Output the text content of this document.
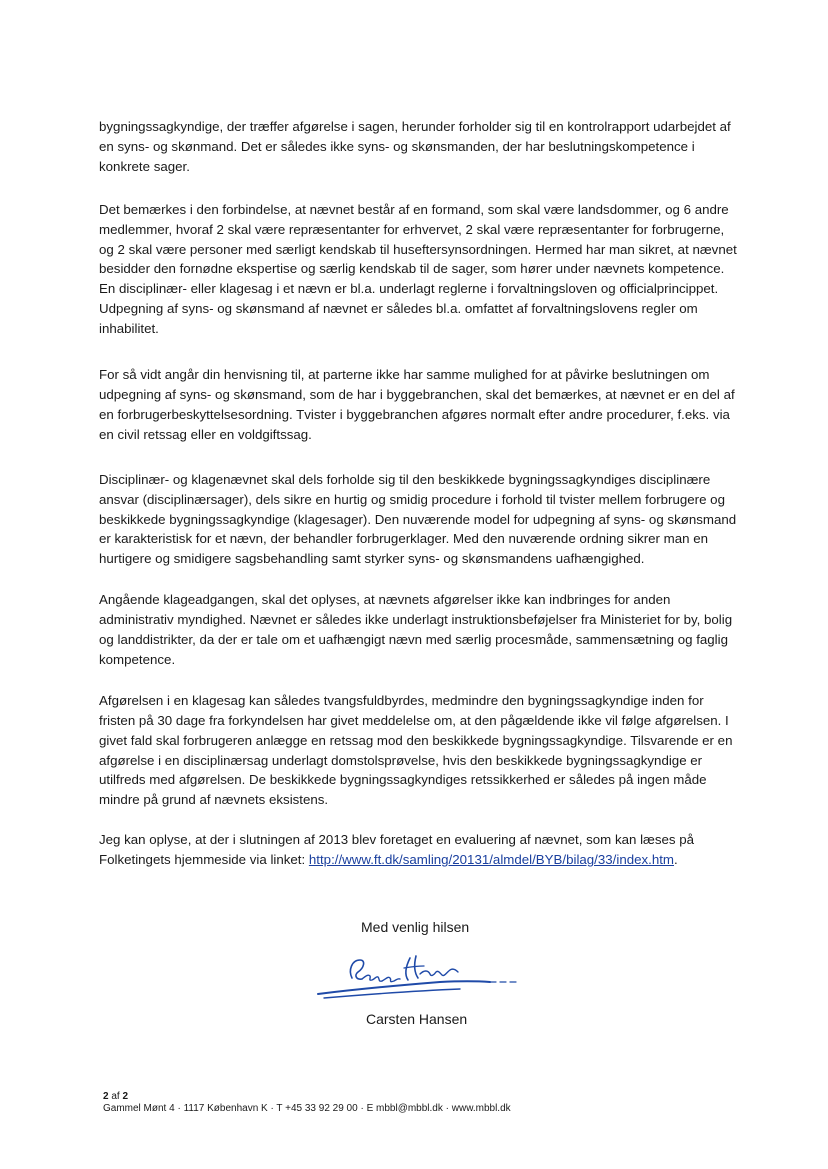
bygningssagkyndige, der træffer afgørelse i sagen, herunder forholder sig til en kontrolrapport udarbejdet af en syns- og skønmand. Det er således ikke syns- og skønsmanden, der har beslutningskompetence i konkrete sager.

Det bemærkes i den forbindelse, at nævnet består af en formand, som skal være landsdommer, og 6 andre medlemmer, hvoraf 2 skal være repræsentanter for erhvervet, 2 skal være repræsentanter for forbrugerne, og 2 skal være personer med særligt kendskab til huseftersynsordningen. Hermed har man sikret, at nævnet besidder den fornødne ekspertise og særlig kendskab til de sager, som hører under nævnets kompetence. En disciplinær- eller klagesag i et nævn er bl.a. underlagt reglerne i forvaltningsloven og officialprincippet. Udpegning af syns- og skønsmand af nævnet er således bl.a. omfattet af forvaltningslovens regler om inhabilitet.

For så vidt angår din henvisning til, at parterne ikke har samme mulighed for at påvirke beslutningen om udpegning af syns- og skønsmand, som de har i byggebranchen, skal det bemærkes, at nævnet er en del af en forbrugerbeskyttelsesordning. Tvister i byggebranchen afgøres normalt efter andre procedurer, f.eks. via en civil retssag eller en voldgiftssag.

Disciplinær- og klagenævnet skal dels forholde sig til den beskikkede bygningssagkyndiges disciplinære ansvar (disciplinærsager), dels sikre en hurtig og smidig procedure i forhold til tvister mellem forbrugere og beskikkede bygningssagkyndige (klagesager). Den nuværende model for udpegning af syns- og skønsmand er karakteristisk for et nævn, der behandler forbrugerklager. Med den nuværende ordning sikrer man en hurtigere og smidigere sagsbehandling samt styrker syns- og skønsmandens uafhængighed.

Angående klageadgangen, skal det oplyses, at nævnets afgørelser ikke kan indbringes for anden administrativ myndighed. Nævnet er således ikke underlagt instruktionsbeføjelser fra Ministeriet for by, bolig og landdistrikter, da der er tale om et uafhængigt nævn med særlig procesmåde, sammensætning og faglig kompetence.

Afgørelsen i en klagesag kan således tvangsfuldbyrdes, medmindre den bygningssagkyndige inden for fristen på 30 dage fra forkyndelsen har givet meddelelse om, at den pågældende ikke vil følge afgørelsen. I givet fald skal forbrugeren anlægge en retssag mod den beskikkede bygningssagkyndige. Tilsvarende er en afgørelse i en disciplinærsag underlagt domstolsprøvelse, hvis den beskikkede bygningssagkyndige er utilfreds med afgørelsen. De beskikkede bygningssagkyndiges retssikkerhed er således på ingen måde mindre på grund af nævnets eksistens.

Jeg kan oplyse, at der i slutningen af 2013 blev foretaget en evaluering af nævnet, som kan læses på Folketingets hjemmeside via linket: http://www.ft.dk/samling/20131/almdel/BYB/bilag/33/index.htm.

Med venlig hilsen
Carsten Hansen
2 af 2
Gammel Mønt 4 · 1117 København K · T +45 33 92 29 00 · E mbbl@mbbl.dk · www.mbbl.dk
